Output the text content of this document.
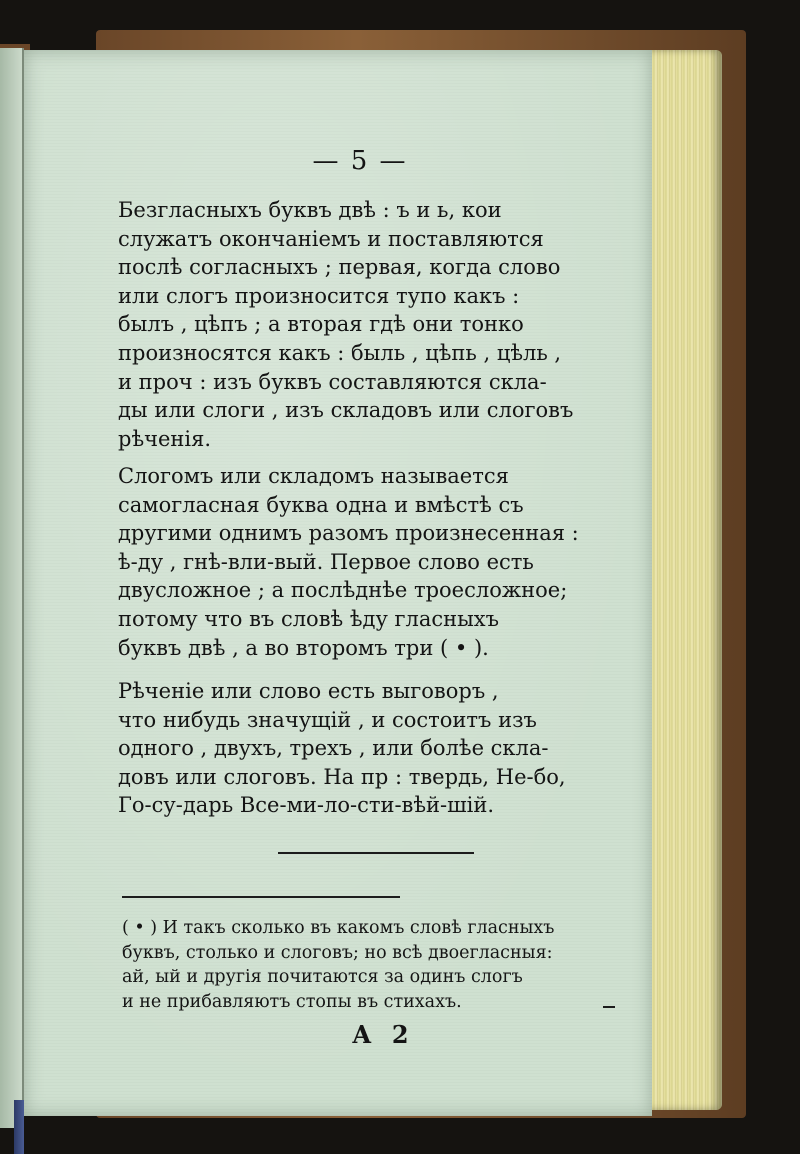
— 5 —
Безгласныхъ буквъ двѣ : ъ и ь, кои
служатъ окончаніемъ и поставляются
послѣ согласныхъ ; первая, когда слово
или слогъ произносится тупо какъ :
былъ , цѣпъ ; а вторая гдѣ они тонко
произносятся какъ : быль , цѣпь , цѣль ,
и проч : изъ буквъ составляются скла-
ды или слоги , изъ складовъ или слоговъ
рѣченія.
Слогомъ или складомъ называется
самогласная буква одна и вмѣстѣ съ
другими однимъ разомъ произнесенная :
ѣ-ду , гнѣ-вли-вый. Первое слово есть
двусложное ; а послѣднѣе троесложное;
потому что въ словѣ ѣду гласныхъ
буквъ двѣ , а во второмъ три ( • ).
Рѣченіе или слово есть выговоръ ,
что нибудь значущій , и состоитъ изъ
одного , двухъ, трехъ , или болѣе скла-
довъ или слоговъ. На пр : твердь, Не-бо,
Го-су-дарь Все-ми-ло-сти-вѣй-шій.
( • ) И такъ сколько въ какомъ словѣ гласныхъ
буквъ, столько и слоговъ; но всѣ двоегласныя:
ай, ый и другія почитаются за одинъ слогъ
и не прибавляютъ стопы въ стихахъ.
А 2
